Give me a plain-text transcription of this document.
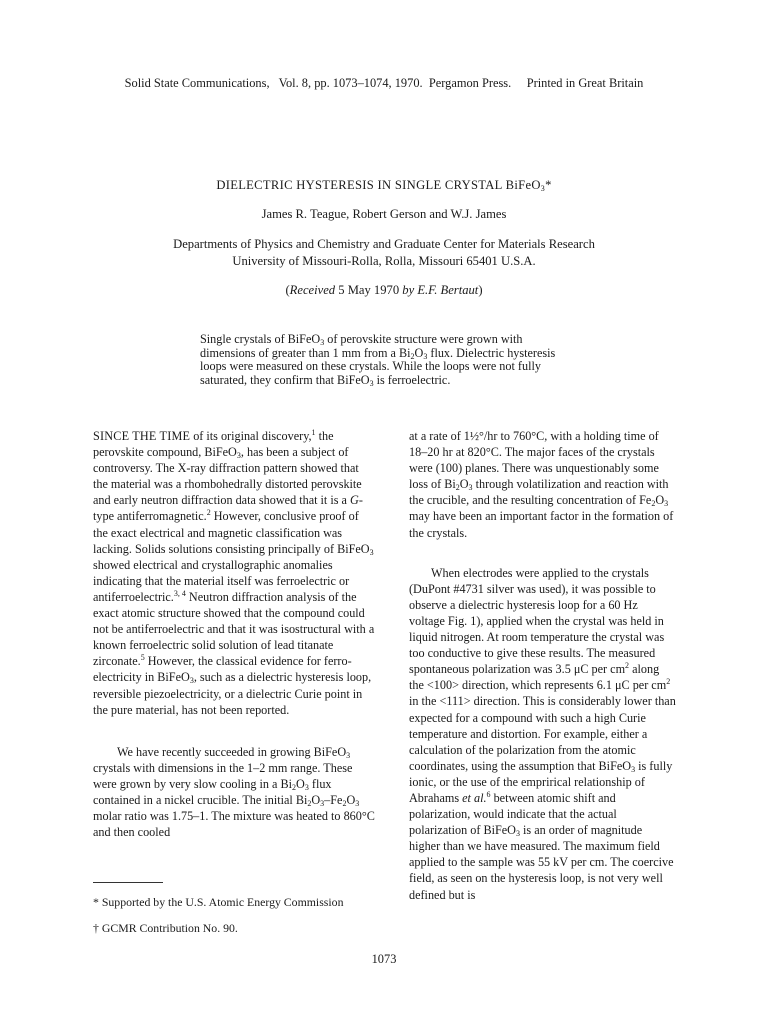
Solid State Communications, Vol. 8, pp. 1073–1074, 1970. Pergamon Press. Printed in Great Britain
DIELECTRIC HYSTERESIS IN SINGLE CRYSTAL BiFeO$_3$*
James R. Teague, Robert Gerson and W.J. James
Departments of Physics and Chemistry and Graduate Center for Materials Research
University of Missouri-Rolla, Rolla, Missouri 65401 U.S.A.
(Received 5 May 1970 by E.F. Bertaut)
Single crystals of BiFeO$_3$ of perovskite structure were grown with dimensions of greater than 1 mm from a $Bi_2O_3$ flux. Dielectric hysteresis loops were measured on these crystals. While the loops were not fully saturated, they confirm that BiFeO$_3$ is ferroelectric.

SINCE THE TIME of its original discovery,$^1$ the perovskite compound, BiFeO$_3$, has been a subject of controversy. The X-ray diffraction pattern showed that the material was a rhombohedrally distorted perovskite and early neutron diffraction data showed that it is a G-type antiferromagnetic.$^2$ However, conclusive proof of the exact electrical and magnetic classification was lacking. Solids solutions consisting principally of BiFeO$_3$ showed electrical and crystallographic anomalies indicating that the material itself was ferroelectric or antiferroelectric.$^{3, 4}$ Neutron diffraction analysis of the exact atomic structure showed that the compound could not be antiferroelectric and that it was isostructural with a known ferroelectric solid solution of lead titanate zirconate.$^5$ However, the classical evidence for ferro-electricity in BiFeO$_3$, such as a dielectric hysteresis loop, reversible piezoelectricity, or a dielectric Curie point in the pure material, has not been reported.

We have recently succeeded in growing BiFeO$_3$ crystals with dimensions in the 1–2 mm range. These were grown by very slow cooling in a $Bi_2O_3$ flux contained in a nickel crucible. The initial $Bi_2O_3-Fe_2O_3$ molar ratio was 1.75–1. The mixture was heated to 860°C and then cooled

* Supported by the U.S. Atomic Energy Commission
† GCMR Contribution No. 90.

at a rate of 1½°/hr to 760°C, with a holding time of 18–20 hr at 820°C. The major faces of the crystals were (100) planes. There was unquestionably some loss of $Bi_2O_3$ through volatilization and reaction with the crucible, and the resulting concentration of $Fe_2O_3$ may have been an important factor in the formation of the crystals.

When electrodes were applied to the crystals (DuPont #4731 silver was used), it was possible to observe a dielectric hysteresis loop for a 60 Hz voltage Fig. 1), applied when the crystal was held in liquid nitrogen. At room temperature the crystal was too conductive to give these results. The measured spontaneous polarization was 3.5 μC per $cm^2$ along the <100> direction, which represents 6.1 μC per $cm^2$ in the <111> direction. This is considerably lower than expected for a compound with such a high Curie temperature and distortion. For example, either a calculation of the polarization from the atomic coordinates, using the assumption that BiFeO$_3$ is fully ionic, or the use of the emprirical relationship of Abrahams et al.$^6$ between atomic shift and polarization, would indicate that the actual polarization of BiFeO$_3$ is an order of magnitude higher than we have measured. The maximum field applied to the sample was 55 kV per cm. The coercive field, as seen on the hysteresis loop, is not very well defined but is

1073
